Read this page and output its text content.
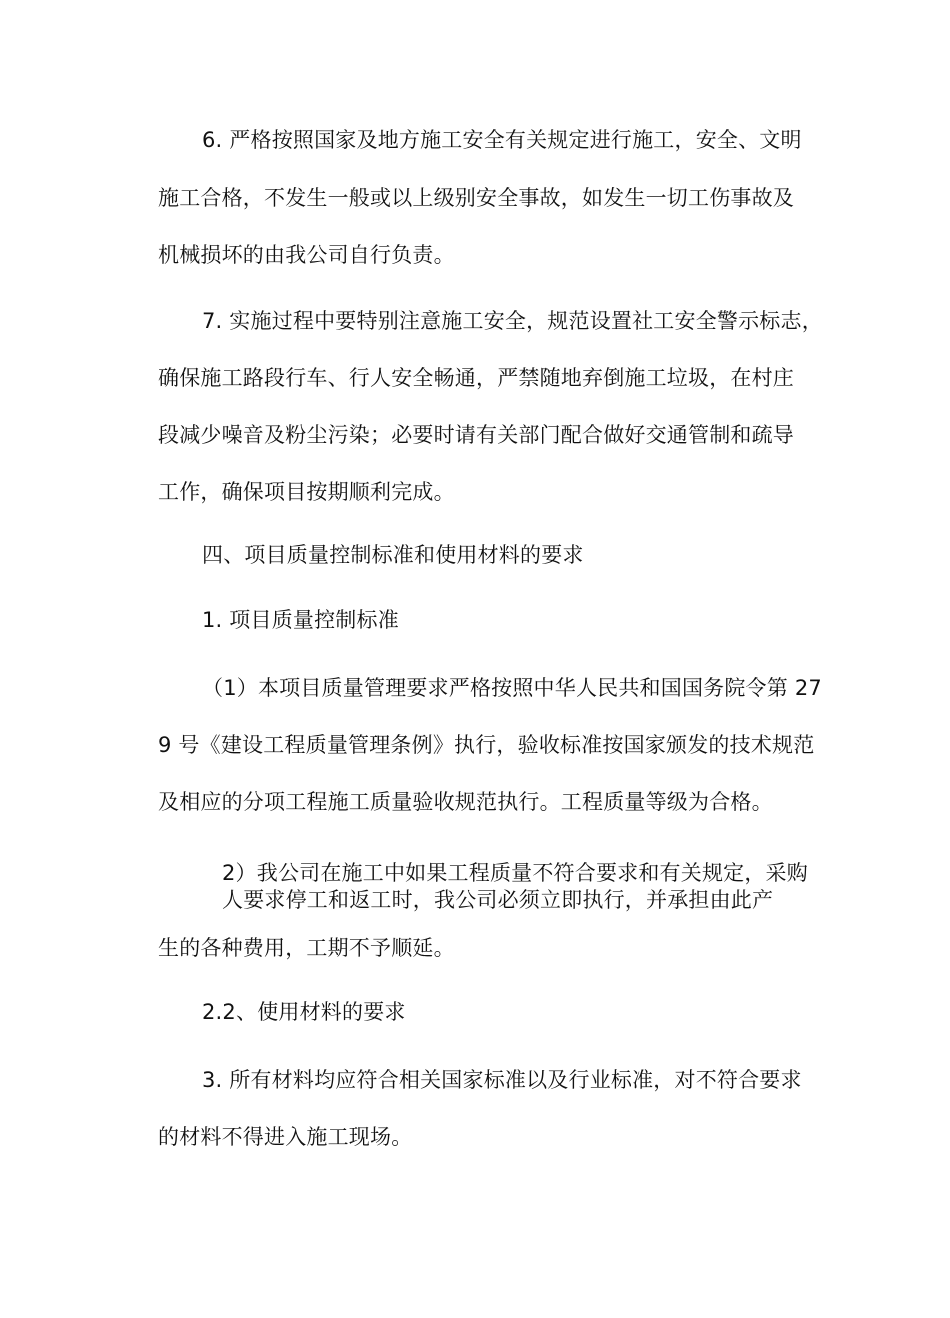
6. 严格按照国家及地方施工安全有关规定进行施工，安全、文明
施工合格，不发生一般或以上级别安全事故，如发生一切工伤事故及
机械损坏的由我公司自行负责。
7. 实施过程中要特别注意施工安全，规范设置社工安全警示标志，
确保施工路段行车、行人安全畅通，严禁随地弃倒施工垃圾，在村庄
段减少噪音及粉尘污染；必要时请有关部门配合做好交通管制和疏导
工作，确保项目按期顺利完成。
四、项目质量控制标准和使用材料的要求
1. 项目质量控制标准
（1）本项目质量管理要求严格按照中华人民共和国国务院令第 27
9 号《建设工程质量管理条例》执行，验收标准按国家颁发的技术规范
及相应的分项工程施工质量验收规范执行。工程质量等级为合格。
2）我公司在施工中如果工程质量不符合要求和有关规定，采购
人要求停工和返工时，我公司必须立即执行，并承担由此产
生的各种费用，工期不予顺延。
2.2、使用材料的要求
3. 所有材料均应符合相关国家标准以及行业标准，对不符合要求
的材料不得进入施工现场。
